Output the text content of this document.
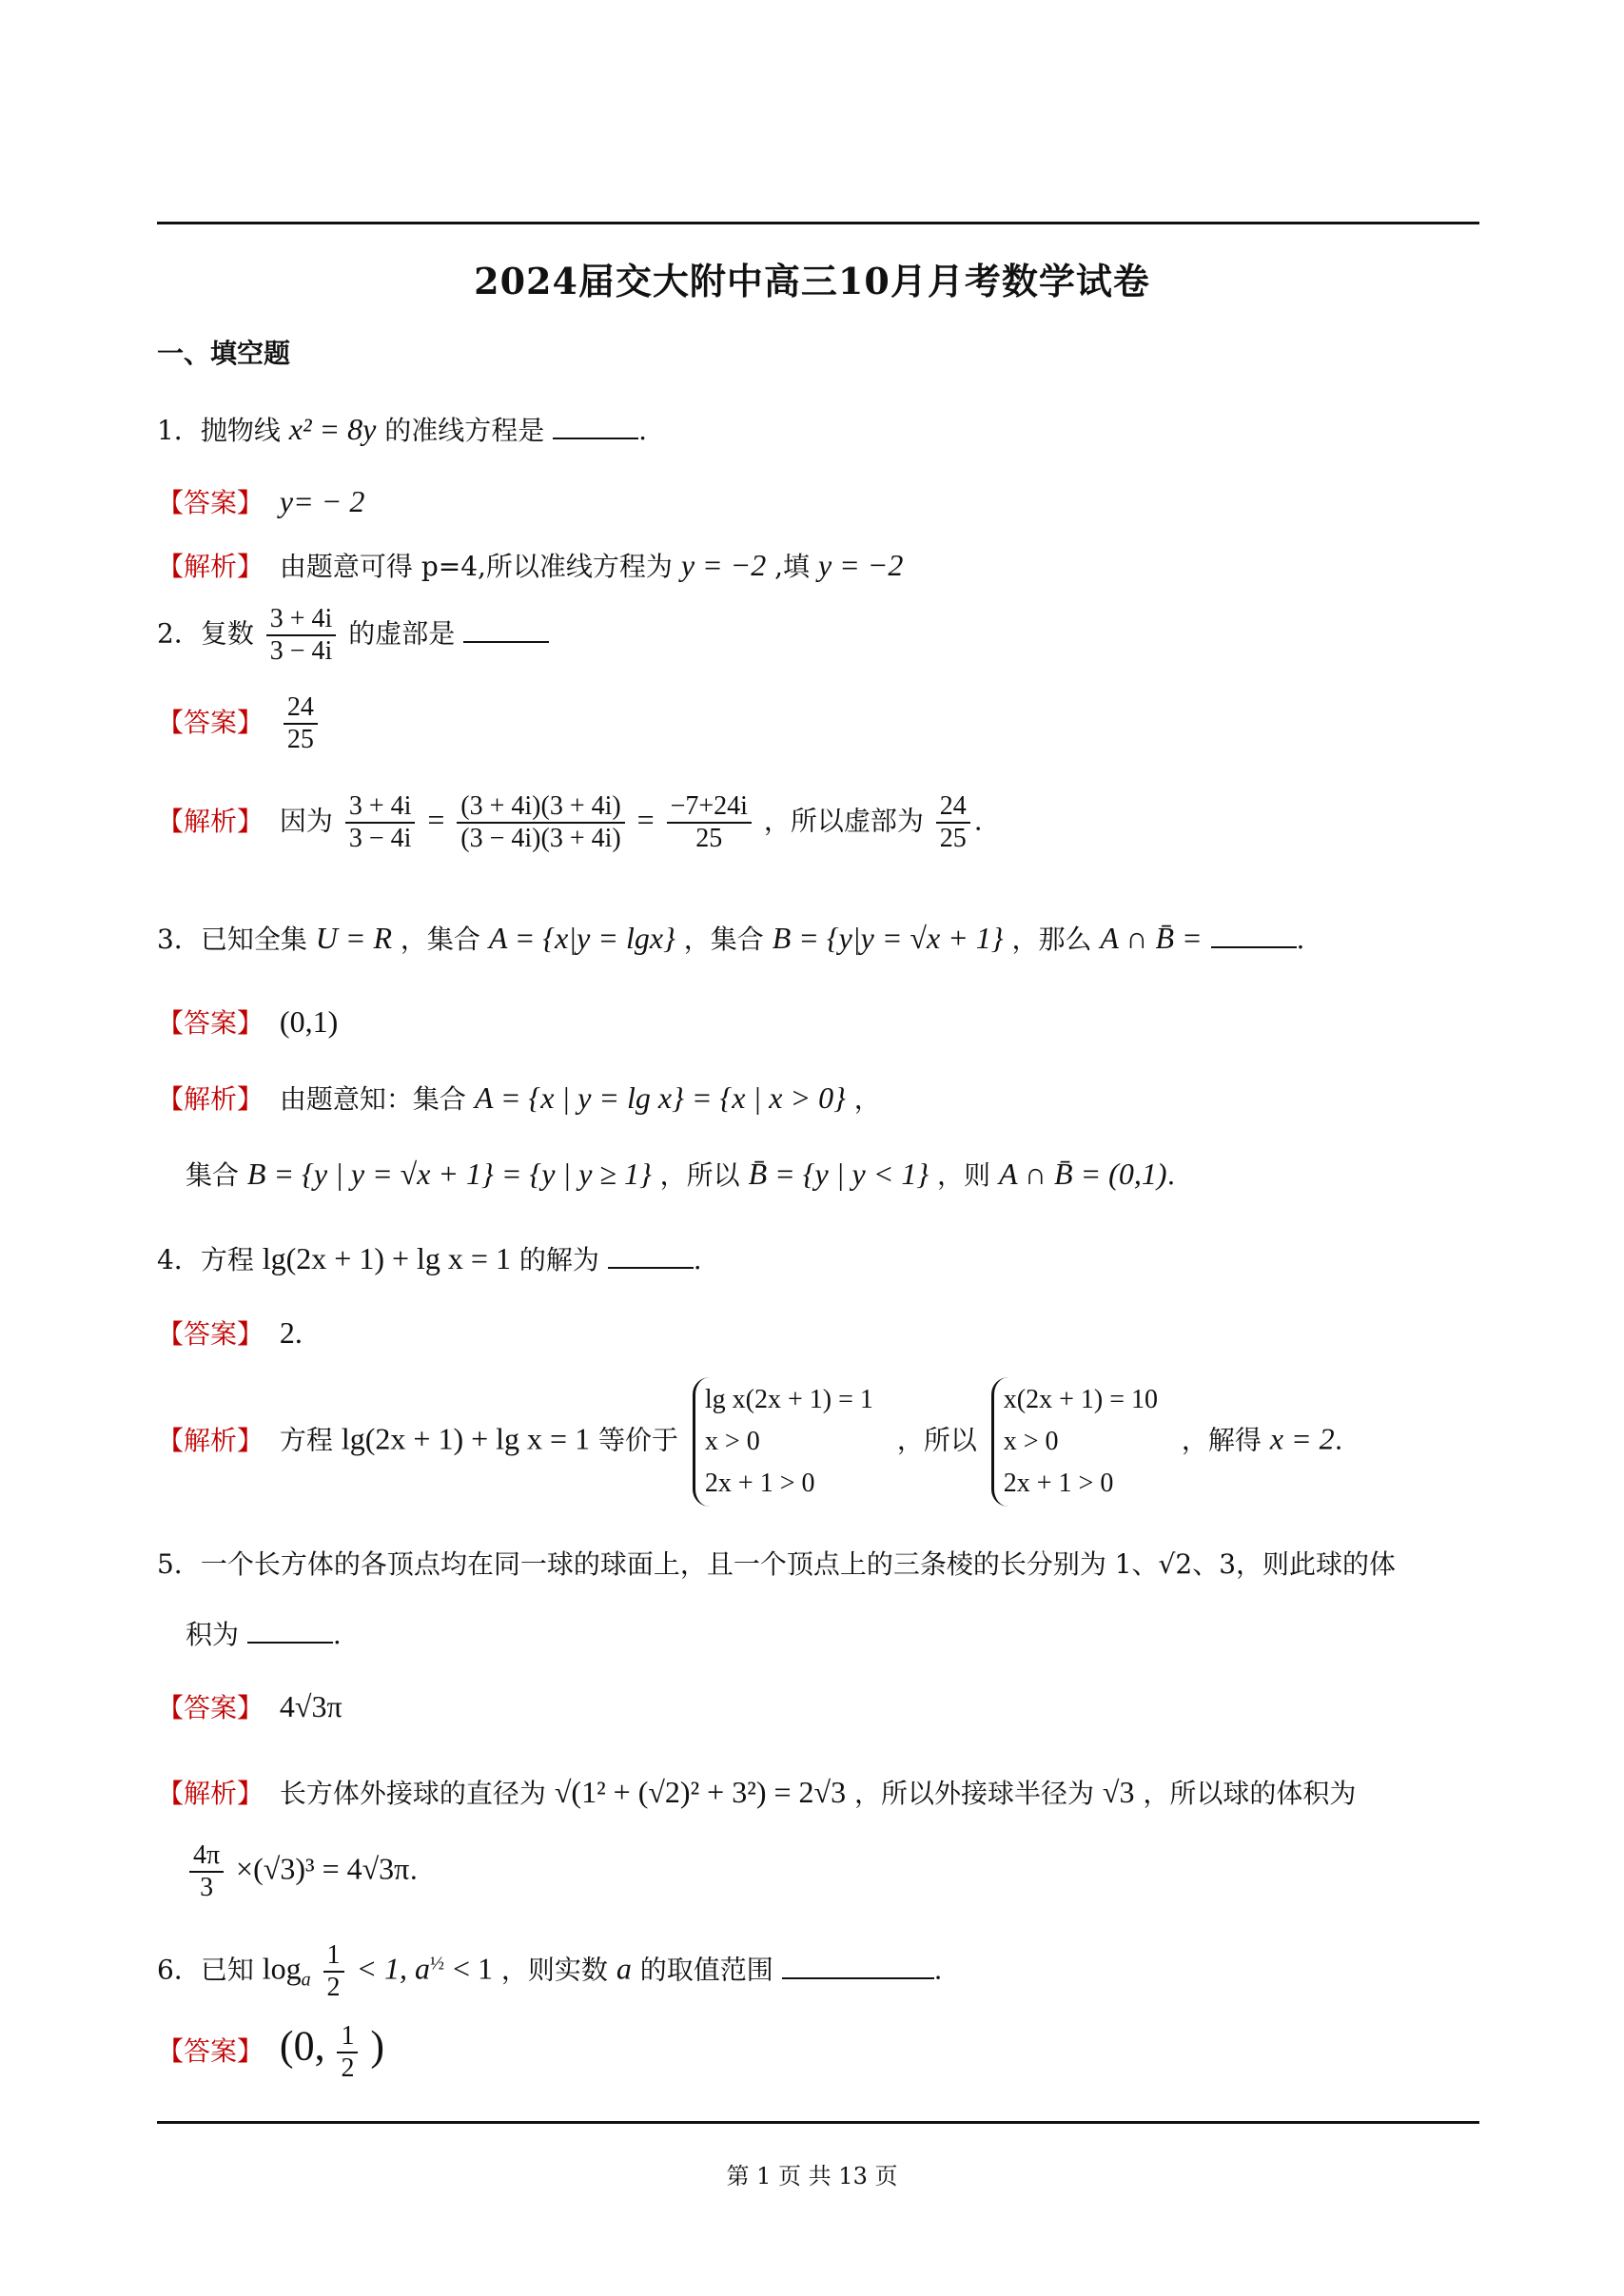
2024届交大附中高三10月月考数学试卷
一、填空题
1．抛物线 x² = 8y 的准线方程是	.
【答案】 y= − 2
【解析】 由题意可得 p=4,所以准线方程为 y = −2 ,填 y = −2
2．复数 $\frac{3 + 4i}{3 - 4i}$ 的虚部是
【答案】 $\frac{24}{25}$
【解析】 因为 $\frac{3 + 4i}{3 - 4i} = \frac{(3 + 4i)(3 + 4i)}{(3 - 4i)(3 + 4i)} = \frac{-7+24i}{25}$ ，所以虚部为 $\frac{24}{25}$ .
3．已知全集 U = R ，集合 A = {x|y = lgx} ，集合 B = {y|y = √x + 1} ，那么 A ∩ B̄ =	.
【答案】 (0,1)
【解析】 由题意知：集合 A = {x | y = lg x} = {x | x > 0} ，
集合 B = {y | y = √x + 1} = {y | y ≥ 1} ，所以 B̄ = {y | y < 1} ，则 A ∩ B̄ = (0,1).
4．方程 lg(2x + 1) + lg x = 1 的解为	.
【答案】 2.
【解析】 方程 lg(2x + 1) + lg x = 1 等价于
lg x(2x + 1) = 1
x > 0
2x + 1 > 0
，所以
x(2x + 1) = 10
x > 0
2x + 1 > 0
，解得 x = 2.
5．一个长方体的各顶点均在同一球的球面上，且一个顶点上的三条棱的长分别为 1、√2、3，则此球的体
积为	.
【答案】 4√3π
【解析】 长方体外接球的直径为 √(1² + (√2)² + 3²) = 2√3 ，所以外接球半径为 √3 ，所以球的体积为
$\frac{4\pi}{3} \times(√3)^3 = 4√3\pi$.
6．已知 $\log_a \frac{1}{2} < 1$, $a^{\frac{1}{2}} < 1$ ，则实数 a 的取值范围	.
【答案】 (0, $\frac{1}{2}$ )
第 1 页 共 13 页
